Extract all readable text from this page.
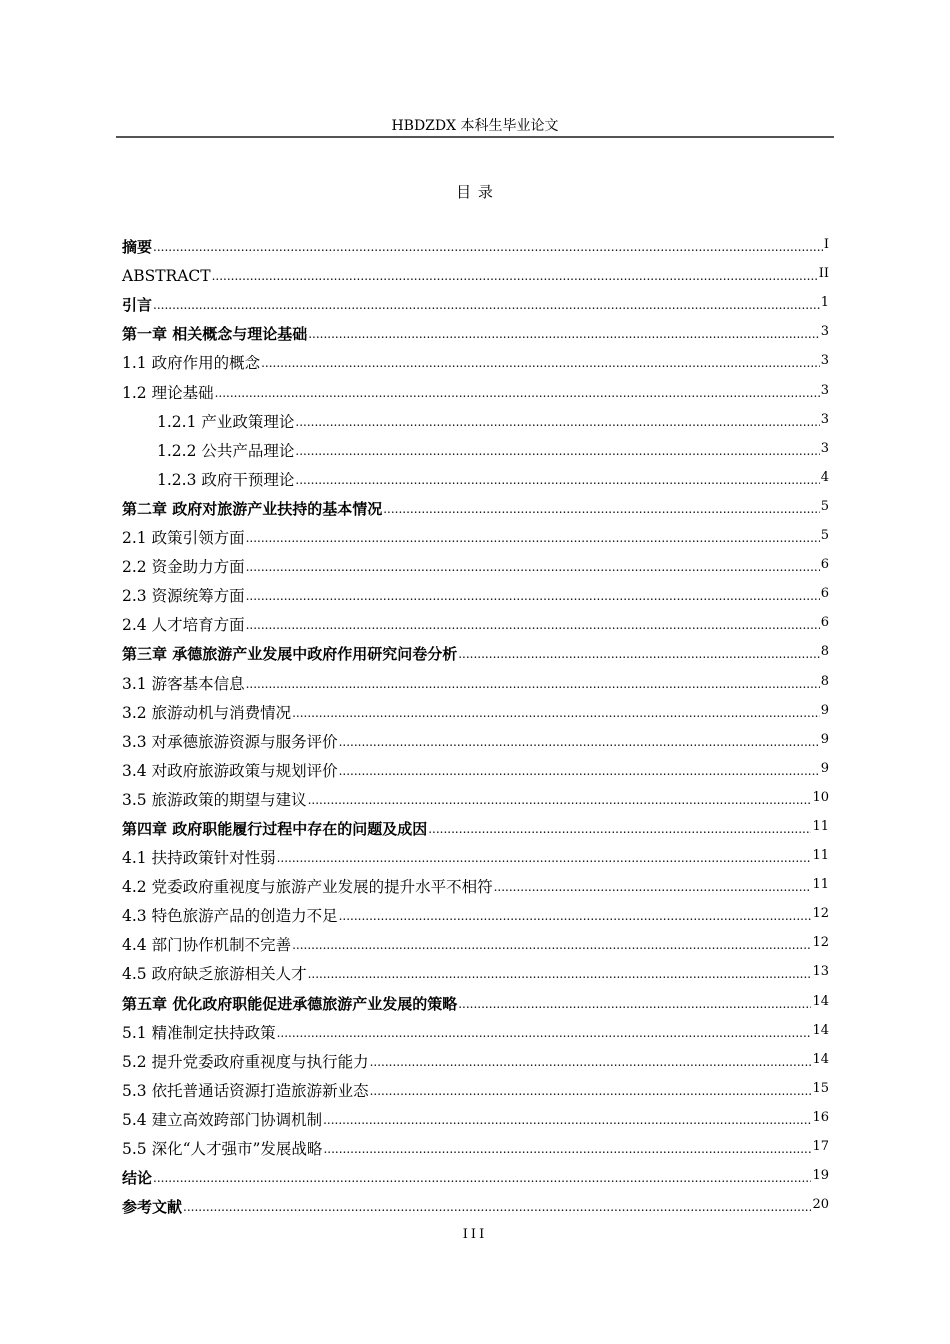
HBDZDX 本科生毕业论文
目 录
摘要 .....	I
ABSTRACT .....	II
引言 .....	1
第一章 相关概念与理论基础 .....	3
1.1 政府作用的概念 .....	3
1.2 理论基础 .....	3
1.2.1 产业政策理论 .....	3
1.2.2 公共产品理论 .....	3
1.2.3 政府干预理论 .....	4
第二章 政府对旅游产业扶持的基本情况 .....	5
2.1 政策引领方面 .....	5
2.2 资金助力方面 .....	6
2.3 资源统筹方面 .....	6
2.4 人才培育方面 .....	6
第三章 承德旅游产业发展中政府作用研究问卷分析 .....	8
3.1 游客基本信息 .....	8
3.2 旅游动机与消费情况 .....	9
3.3 对承德旅游资源与服务评价 .....	9
3.4 对政府旅游政策与规划评价 .....	9
3.5 旅游政策的期望与建议 .....	10
第四章 政府职能履行过程中存在的问题及成因 .....	11
4.1 扶持政策针对性弱 .....	11
4.2 党委政府重视度与旅游产业发展的提升水平不相符 .....	11
4.3 特色旅游产品的创造力不足 .....	12
4.4 部门协作机制不完善 .....	12
4.5 政府缺乏旅游相关人才 .....	13
第五章 优化政府职能促进承德旅游产业发展的策略 .....	14
5.1 精准制定扶持政策 .....	14
5.2 提升党委政府重视度与执行能力 .....	14
5.3 依托普通话资源打造旅游新业态 .....	15
5.4 建立高效跨部门协调机制 .....	16
5.5 深化“人才强市”发展战略 .....	17
结论 .....	19
参考文献 .....	20
III
